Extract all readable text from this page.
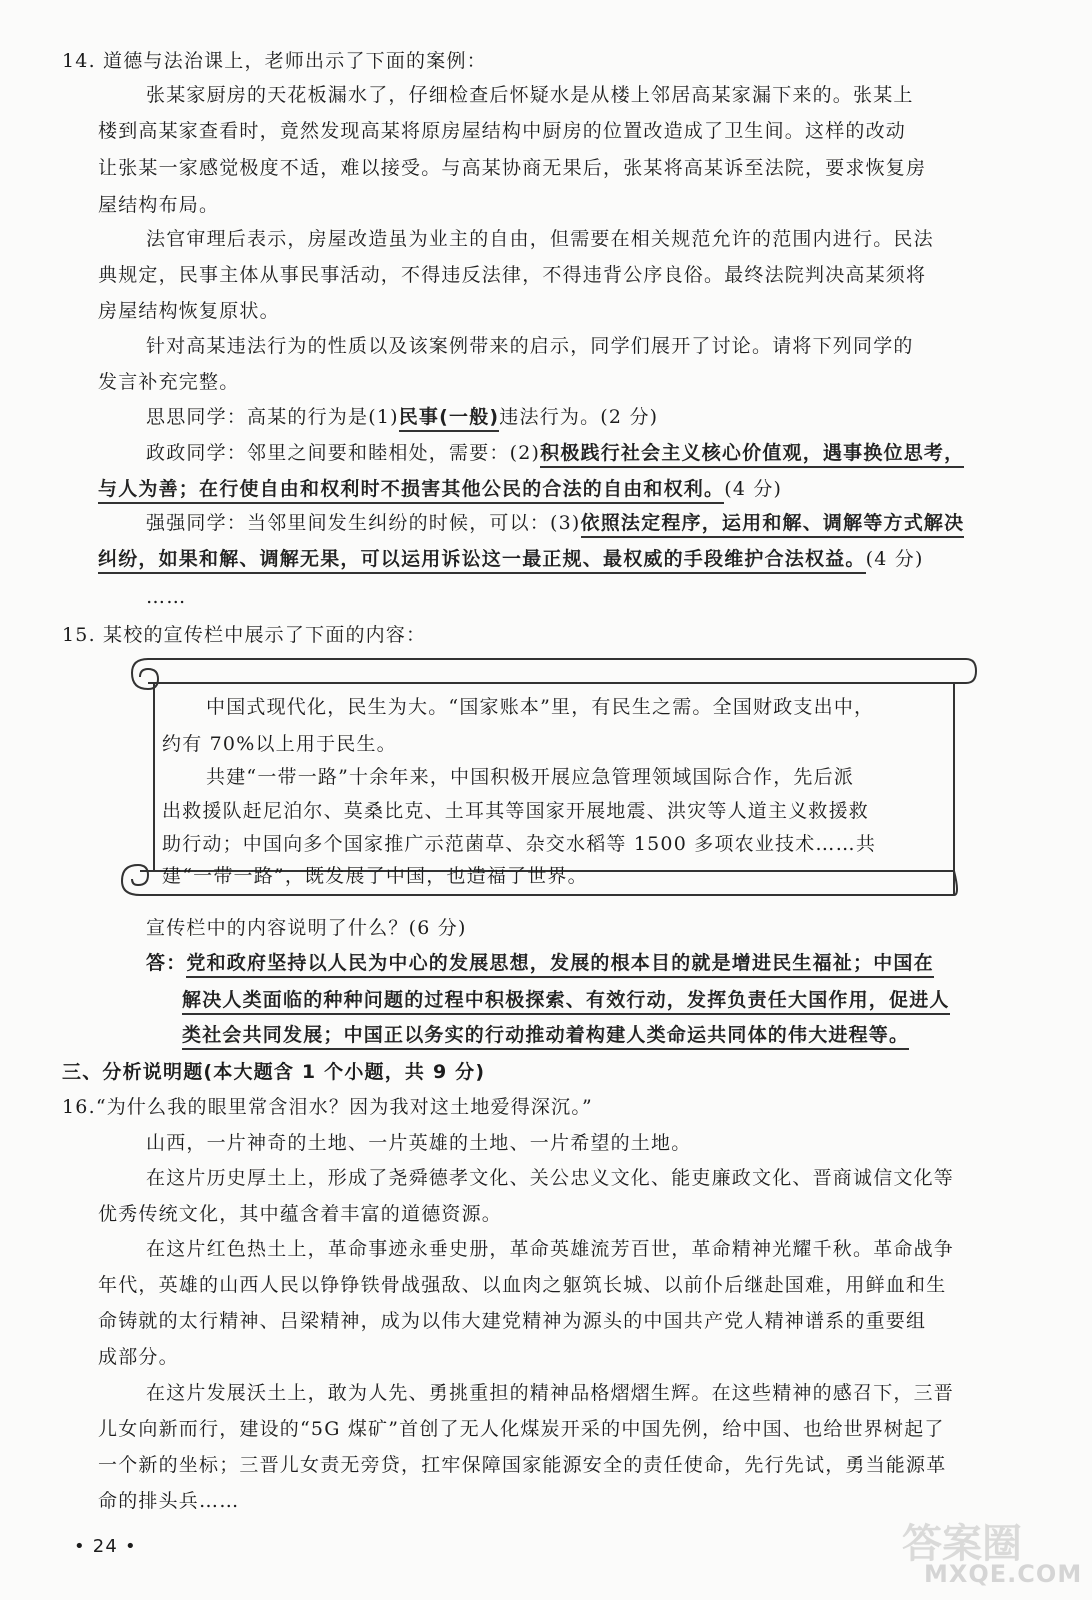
14. 道德与法治课上，老师出示了下面的案例：
张某家厨房的天花板漏水了，仔细检查后怀疑水是从楼上邻居高某家漏下来的。张某上
楼到高某家查看时，竟然发现高某将原房屋结构中厨房的位置改造成了卫生间。这样的改动
让张某一家感觉极度不适，难以接受。与高某协商无果后，张某将高某诉至法院，要求恢复房
屋结构布局。
法官审理后表示，房屋改造虽为业主的自由，但需要在相关规范允许的范围内进行。民法
典规定，民事主体从事民事活动，不得违反法律，不得违背公序良俗。最终法院判决高某须将
房屋结构恢复原状。
针对高某违法行为的性质以及该案例带来的启示，同学们展开了讨论。请将下列同学的
发言补充完整。
思思同学：高某的行为是(1)民事(一般)违法行为。(2 分)
政政同学：邻里之间要和睦相处，需要：(2)积极践行社会主义核心价值观，遇事换位思考，
与人为善；在行使自由和权利时不损害其他公民的合法的自由和权利。(4 分)
强强同学：当邻里间发生纠纷的时候，可以：(3)依照法定程序，运用和解、调解等方式解决
纠纷，如果和解、调解无果，可以运用诉讼这一最正规、最权威的手段维护合法权益。(4 分)
……
15. 某校的宣传栏中展示了下面的内容：
中国式现代化，民生为大。“国家账本”里，有民生之需。全国财政支出中，
约有 70%以上用于民生。
共建“一带一路”十余年来，中国积极开展应急管理领域国际合作，先后派
出救援队赶尼泊尔、莫桑比克、土耳其等国家开展地震、洪灾等人道主义救援救
助行动；中国向多个国家推广示范菌草、杂交水稻等 1500 多项农业技术……共
建“一带一路”，既发展了中国，也造福了世界。
宣传栏中的内容说明了什么？(6 分)
答：党和政府坚持以人民为中心的发展思想，发展的根本目的就是增进民生福祉；中国在
解决人类面临的种种问题的过程中积极探索、有效行动，发挥负责任大国作用，促进人
类社会共同发展；中国正以务实的行动推动着构建人类命运共同体的伟大进程等。
三、分析说明题(本大题含 1 个小题，共 9 分)
16.“为什么我的眼里常含泪水？因为我对这土地爱得深沉。”
山西，一片神奇的土地、一片英雄的土地、一片希望的土地。
在这片历史厚土上，形成了尧舜德孝文化、关公忠义文化、能吏廉政文化、晋商诚信文化等
优秀传统文化，其中蕴含着丰富的道德资源。
在这片红色热土上，革命事迹永垂史册，革命英雄流芳百世，革命精神光耀千秋。革命战争
年代，英雄的山西人民以铮铮铁骨战强敌、以血肉之躯筑长城、以前仆后继赴国难，用鲜血和生
命铸就的太行精神、吕梁精神，成为以伟大建党精神为源头的中国共产党人精神谱系的重要组
成部分。
在这片发展沃土上，敢为人先、勇挑重担的精神品格熠熠生辉。在这些精神的感召下，三晋
儿女向新而行，建设的“5G 煤矿”首创了无人化煤炭开采的中国先例，给中国、也给世界树起了
一个新的坐标；三晋儿女责无旁贷，扛牢保障国家能源安全的责任使命，先行先试，勇当能源革
命的排头兵……
• 24 •	答案圈
MXQE.COM
